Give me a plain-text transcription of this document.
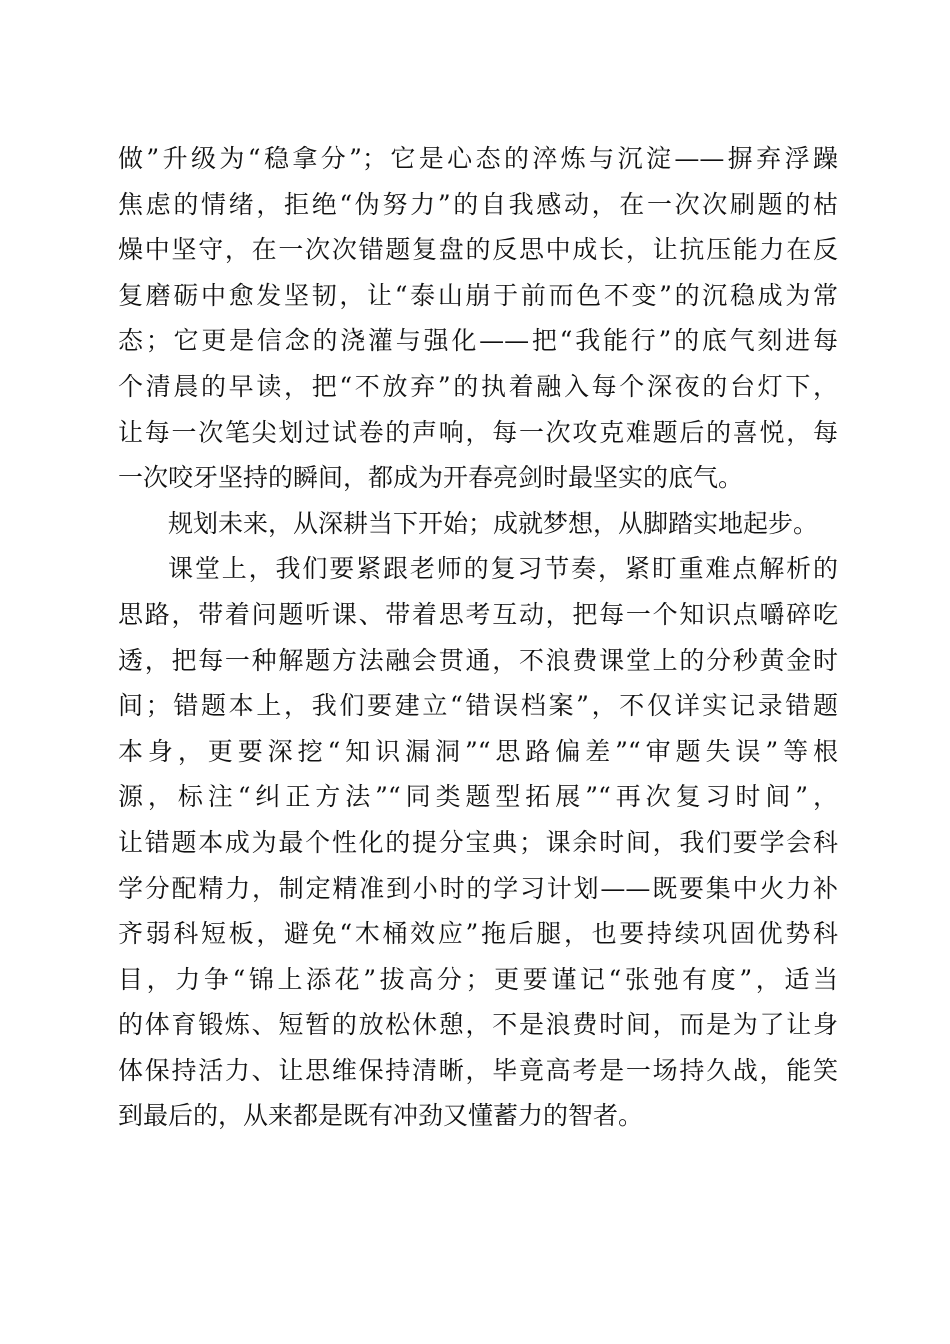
做”升级为“稳拿分”；它是心态的淬炼与沉淀——摒弃浮躁
焦虑的情绪，拒绝“伪努力”的自我感动，在一次次刷题的枯
燥中坚守，在一次次错题复盘的反思中成长，让抗压能力在反
复磨砺中愈发坚韧，让“泰山崩于前而色不变”的沉稳成为常
态；它更是信念的浇灌与强化——把“我能行”的底气刻进每
个清晨的早读，把“不放弃”的执着融入每个深夜的台灯下，
让每一次笔尖划过试卷的声响，每一次攻克难题后的喜悦，每
一次咬牙坚持的瞬间，都成为开春亮剑时最坚实的底气。
规划未来，从深耕当下开始；成就梦想，从脚踏实地起步。
课堂上，我们要紧跟老师的复习节奏，紧盯重难点解析的
思路，带着问题听课、带着思考互动，把每一个知识点嚼碎吃
透，把每一种解题方法融会贯通，不浪费课堂上的分秒黄金时
间；错题本上，我们要建立“错误档案”，不仅详实记录错题
本身，更要深挖“知识漏洞”“思路偏差”“审题失误”等根
源，标注“纠正方法”“同类题型拓展”“再次复习时间”，
让错题本成为最个性化的提分宝典；课余时间，我们要学会科
学分配精力，制定精准到小时的学习计划——既要集中火力补
齐弱科短板，避免“木桶效应”拖后腿，也要持续巩固优势科
目，力争“锦上添花”拔高分；更要谨记“张弛有度”，适当
的体育锻炼、短暂的放松休憩，不是浪费时间，而是为了让身
体保持活力、让思维保持清晰，毕竟高考是一场持久战，能笑
到最后的，从来都是既有冲劲又懂蓄力的智者。
